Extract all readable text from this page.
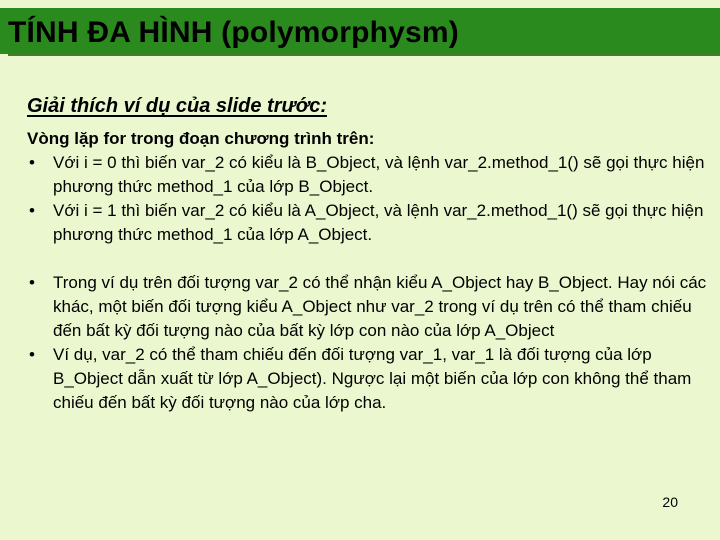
TÍNH ĐA HÌNH (polymorphysm)
Giải thích ví dụ của slide trước:
Vòng lặp for trong đoạn chương trình trên:
• Với i = 0 thì biến var_2 có kiểu là B_Object, và lệnh var_2.method_1() sẽ gọi thực hiện phương thức method_1 của lớp B_Object.
• Với i = 1 thì biến var_2 có kiểu là A_Object, và lệnh var_2.method_1() sẽ gọi thực hiện phương thức method_1 của lớp A_Object.
• Trong ví dụ trên đối tượng var_2 có thể nhận kiểu A_Object hay B_Object. Hay nói các khác, một biến đối tượng kiểu A_Object như var_2 trong ví dụ trên có thể tham chiếu đến bất kỳ đối tượng nào của bất kỳ lớp con nào của lớp A_Object
• Ví dụ, var_2 có thể tham chiếu đến đối tượng var_1, var_1 là đối tượng của lớp B_Object dẫn xuất từ lớp A_Object). Ngược lại một biến của lớp con không thể tham chiếu đến bất kỳ đối tượng nào của lớp cha.
20
